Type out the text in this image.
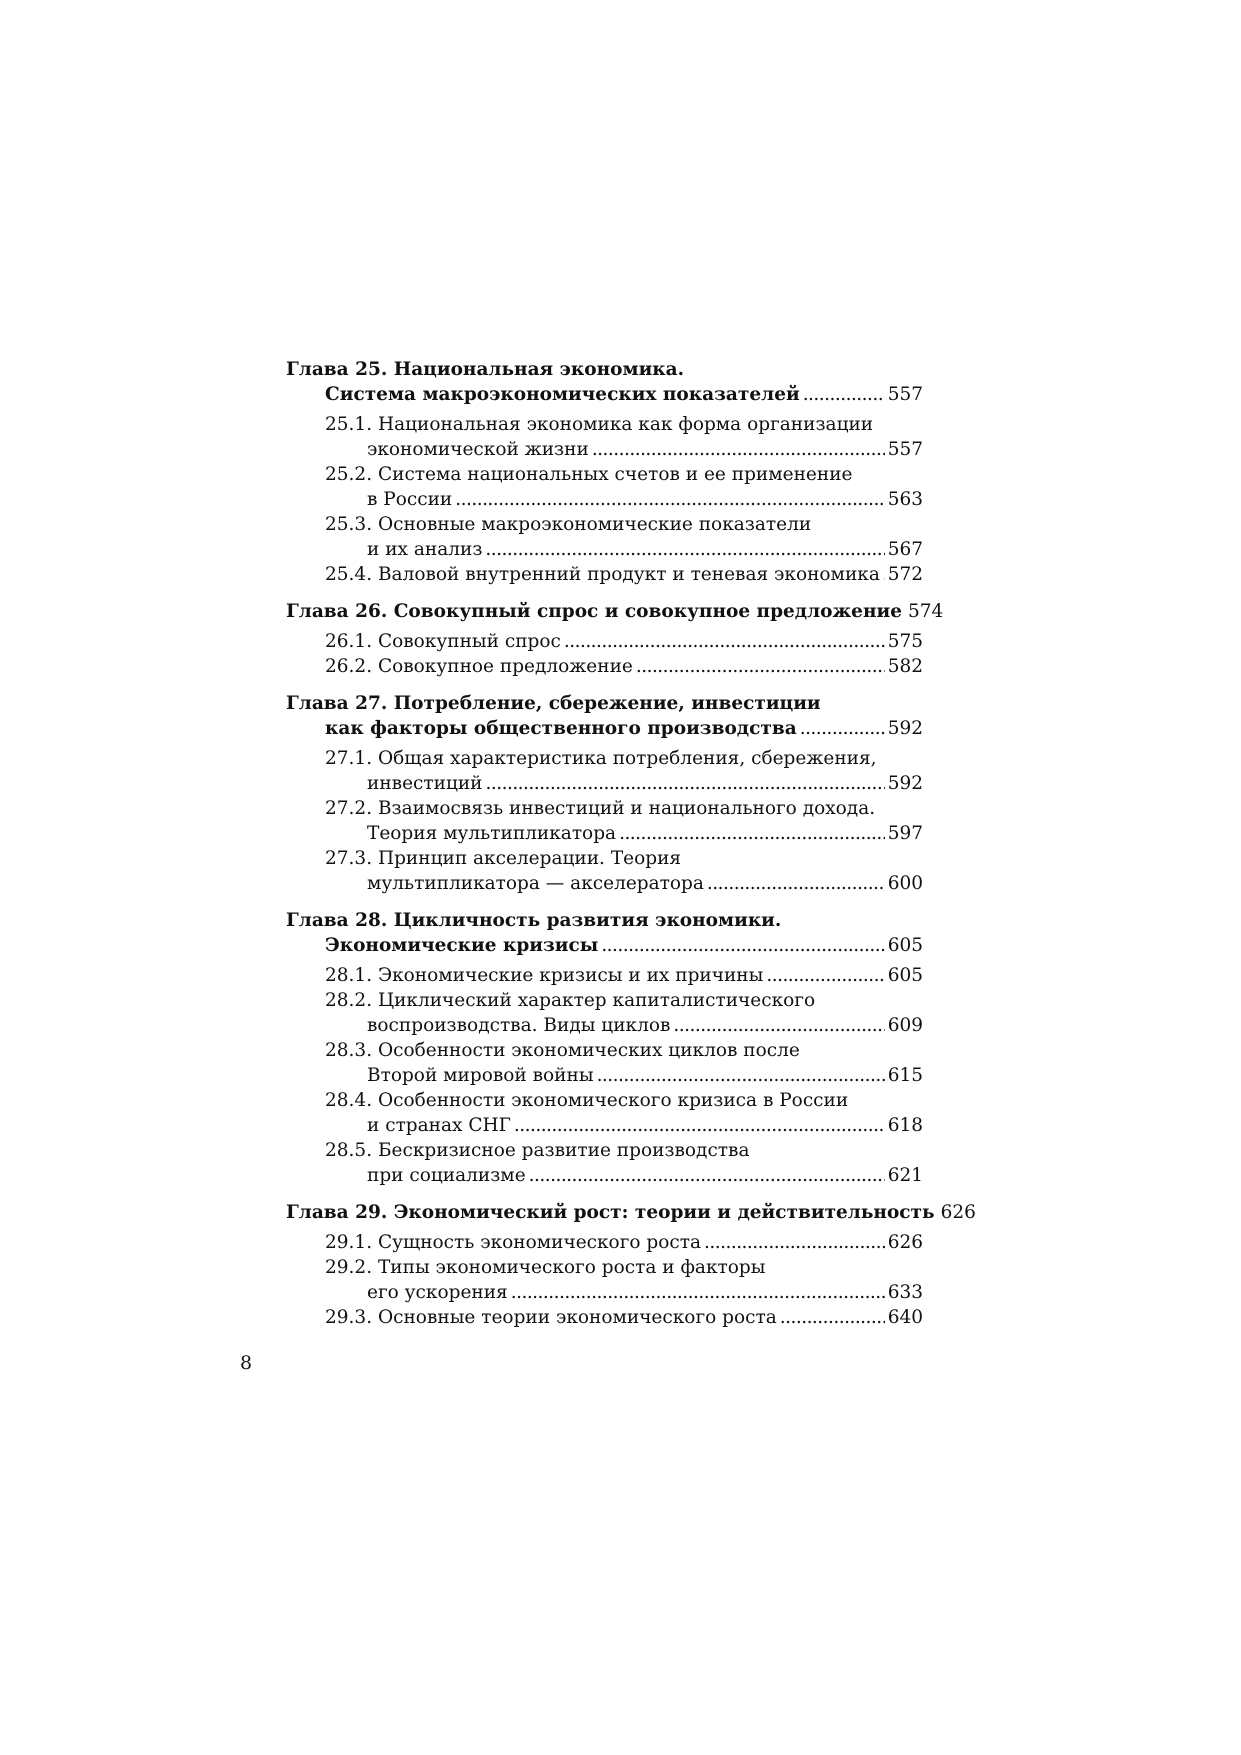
Глава 25. Национальная экономика.
Система макроэкономических показателей . . .	557
25.1. Национальная экономика как форма организации
экономической жизни . . .	557
25.2. Система национальных счетов и ее применение
в России . . .	563
25.3. Основные макроэкономические показатели
и их анализ . . .	567
25.4. Валовой внутренний продукт и теневая экономика . . . 572
Глава 26. Совокупный спрос и совокупное предложение 574
26.1. Совокупный спрос . . .	575
26.2. Совокупное предложение . . .	582
Глава 27. Потребление, сбережение, инвестиции
как факторы общественного производства . . .	592
27.1. Общая характеристика потребления, сбережения,
инвестиций . . .	592
27.2. Взаимосвязь инвестиций и национального дохода.
Теория мультипликатора . . .	597
27.3. Принцип акселерации. Теория
мультипликатора — акселератора . . .	600
Глава 28. Цикличность развития экономики.
Экономические кризисы . . .	605
28.1. Экономические кризисы и их причины . . .	605
28.2. Циклический характер капиталистического
воспроизводства. Виды циклов . . .	609
28.3. Особенности экономических циклов после
Второй мировой войны . . .	615
28.4. Особенности экономического кризиса в России
и странах СНГ . . .	618
28.5. Бескризисное развитие производства
при социализме . . .	621
Глава 29. Экономический рост: теории и действительность 626
29.1. Сущность экономического роста . . .	626
29.2. Типы экономического роста и факторы
его ускорения . . .	633
29.3. Основные теории экономического роста . . .	640
8
